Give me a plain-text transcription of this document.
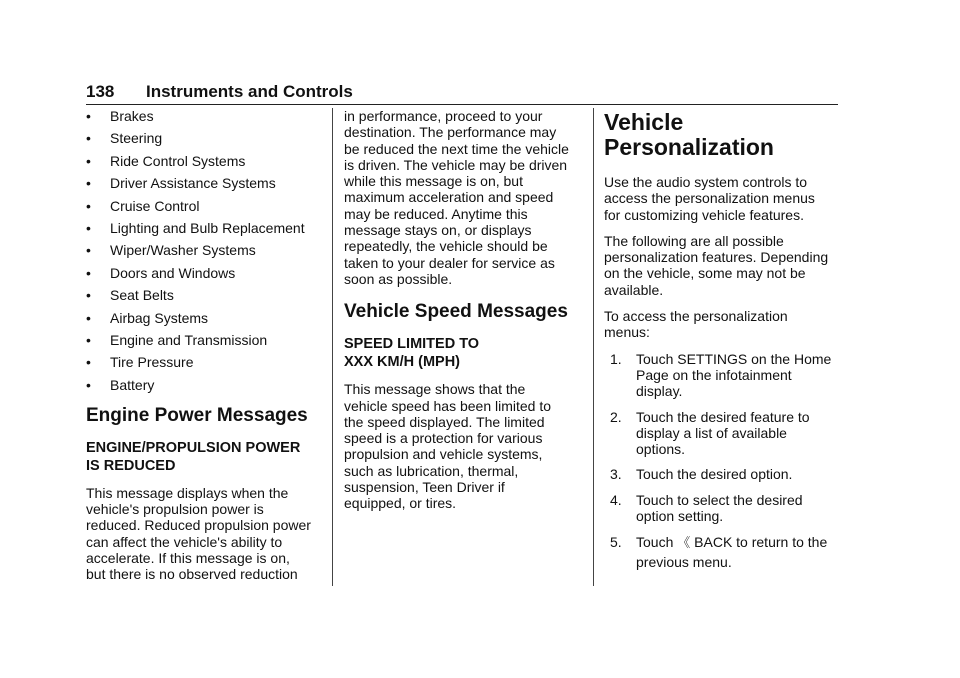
138 Instruments and Controls
• Brakes
• Steering
• Ride Control Systems
• Driver Assistance Systems
• Cruise Control
• Lighting and Bulb Replacement
• Wiper/Washer Systems
• Doors and Windows
• Seat Belts
• Airbag Systems
• Engine and Transmission
• Tire Pressure
• Battery
Engine Power Messages
ENGINE/PROPULSION POWER
IS REDUCED

This message displays when the
vehicle's propulsion power is
reduced. Reduced propulsion power
can affect the vehicle's ability to
accelerate. If this message is on,
but there is no observed reduction

in performance, proceed to your
destination. The performance may
be reduced the next time the vehicle
is driven. The vehicle may be driven
while this message is on, but
maximum acceleration and speed
may be reduced. Anytime this
message stays on, or displays
repeatedly, the vehicle should be
taken to your dealer for service as
soon as possible.

Vehicle Speed Messages
SPEED LIMITED TO
XXX KM/H (MPH)

This message shows that the
vehicle speed has been limited to
the speed displayed. The limited
speed is a protection for various
propulsion and vehicle systems,
such as lubrication, thermal,
suspension, Teen Driver if
equipped, or tires.

Vehicle
Personalization

Use the audio system controls to
access the personalization menus
for customizing vehicle features.

The following are all possible
personalization features. Depending
on the vehicle, some may not be
available.

To access the personalization
menus:

1. Touch SETTINGS on the Home
Page on the infotainment
display.
2. Touch the desired feature to
display a list of available
options.
3. Touch the desired option.
4. Touch to select the desired
option setting.
5. Touch 《 BACK to return to the
previous menu.
